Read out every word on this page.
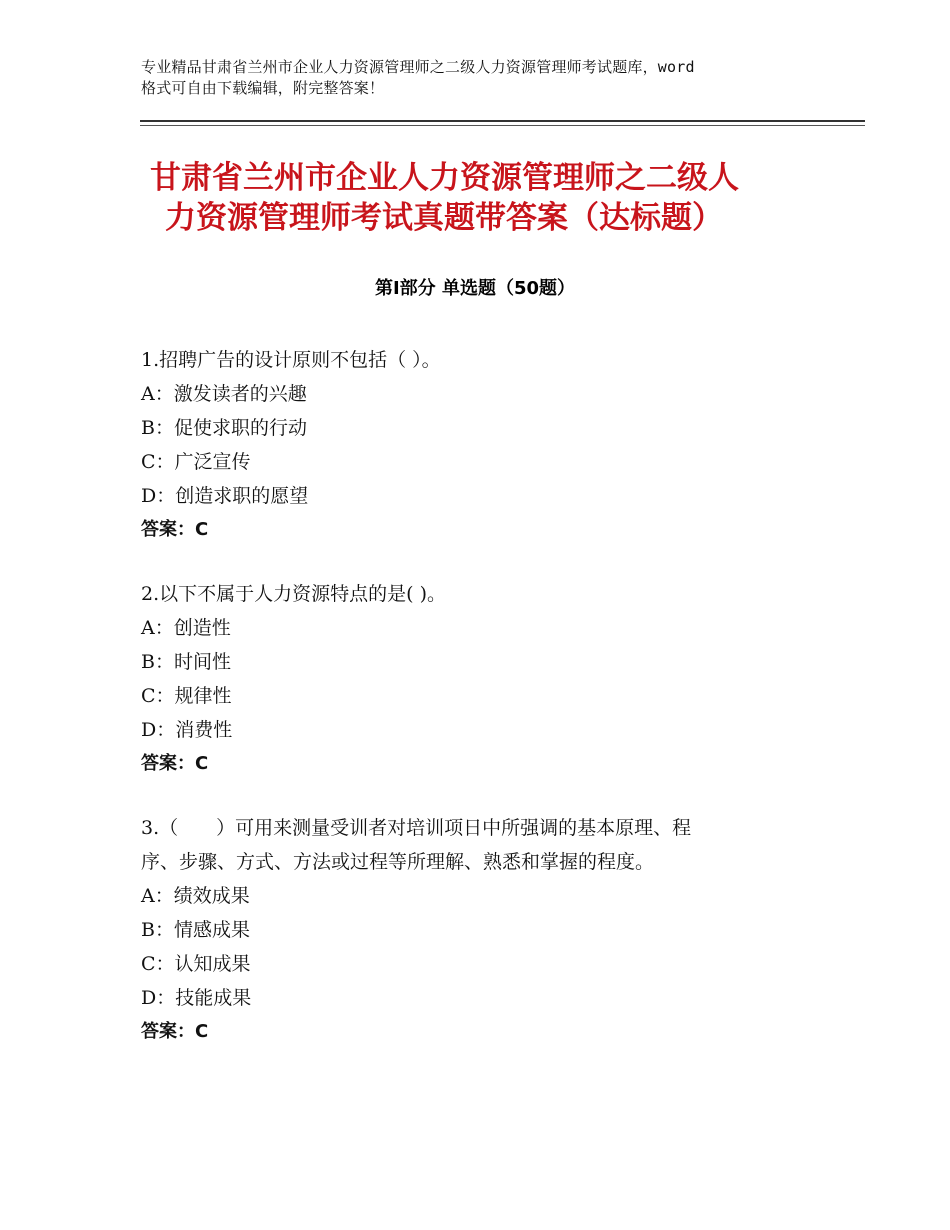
专业精品甘肃省兰州市企业人力资源管理师之二级人力资源管理师考试题库，word
格式可自由下载编辑，附完整答案！
甘肃省兰州市企业人力资源管理师之二级人
力资源管理师考试真题带答案（达标题）
第Ⅰ部分 单选题（50题）
1.招聘广告的设计原则不包括（ ）。
A：激发读者的兴趣
B：促使求职的行动
C：广泛宣传
D：创造求职的愿望
答案：C
2.以下不属于人力资源特点的是( )。
A：创造性
B：时间性
C：规律性
D：消费性
答案：C
3.（　　）可用来测量受训者对培训项日中所强调的基本原理、程
序、步骤、方式、方法或过程等所理解、熟悉和掌握的程度。
A：绩效成果
B：情感成果
C：认知成果
D：技能成果
答案：C
